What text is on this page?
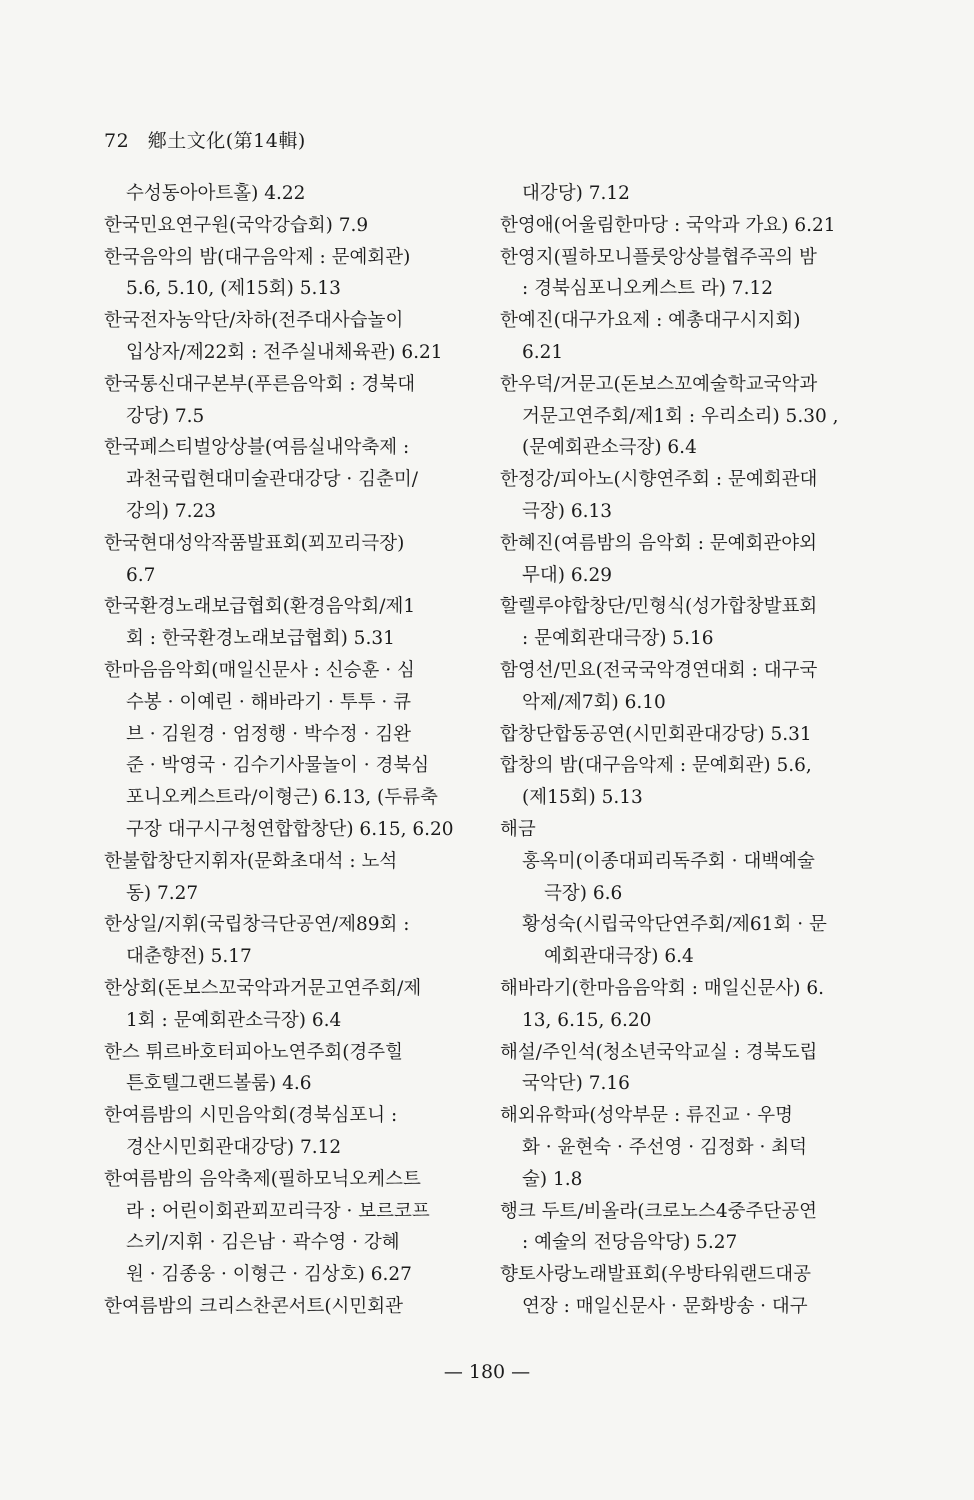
72 鄕土文化(第14輯)
수성동아아트홀) 4.22
한국민요연구원(국악강습회) 7.9
한국음악의 밤(대구음악제 : 문예회관)
5.6, 5.10, (제15회) 5.13
한국전자농악단/차하(전주대사습놀이
입상자/제22회 : 전주실내체육관) 6.21
한국통신대구본부(푸른음악회 : 경북대
강당) 7.5
한국페스티벌앙상블(여름실내악축제 :
과천국립현대미술관대강당 · 김춘미/
강의) 7.23
한국현대성악작품발표회(꾀꼬리극장)
6.7
한국환경노래보급협회(환경음악회/제1
회 : 한국환경노래보급협회) 5.31
한마음음악회(매일신문사 : 신승훈 · 심
수봉 · 이예린 · 해바라기 · 투투 · 큐
브 · 김원경 · 엄정행 · 박수정 · 김완
준 · 박영국 · 김수기사물놀이 · 경북심
포니오케스트라/이형근) 6.13, (두류축
구장 대구시구청연합합창단) 6.15, 6.20
한불합창단지휘자(문화초대석 : 노석
동) 7.27
한상일/지휘(국립창극단공연/제89회 :
대춘향전) 5.17
한상회(돈보스꼬국악과거문고연주회/제
1회 : 문예회관소극장) 6.4
한스 튀르바호터피아노연주회(경주힐
튼호텔그랜드볼룸) 4.6
한여름밤의 시민음악회(경북심포니 :
경산시민회관대강당) 7.12
한여름밤의 음악축제(필하모닉오케스트
라 : 어린이회관꾀꼬리극장 · 보르코프
스키/지휘 · 김은남 · 곽수영 · 강혜
원 · 김종웅 · 이형근 · 김상호) 6.27
한여름밤의 크리스찬콘서트(시민회관
대강당) 7.12
한영애(어울림한마당 : 국악과 가요) 6.21
한영지(필하모니플룻앙상블협주곡의 밤
: 경북심포니오케스트 라) 7.12
한예진(대구가요제 : 예총대구시지회)
6.21
한우덕/거문고(돈보스꼬예술학교국악과
거문고연주회/제1회 : 우리소리) 5.30 ,
(문예회관소극장) 6.4
한정강/피아노(시향연주회 : 문예회관대
극장) 6.13
한혜진(여름밤의 음악회 : 문예회관야외
무대) 6.29
할렐루야합창단/민형식(성가합창발표회
: 문예회관대극장) 5.16
함영선/민요(전국국악경연대회 : 대구국
악제/제7회) 6.10
합창단합동공연(시민회관대강당) 5.31
합창의 밤(대구음악제 : 문예회관) 5.6,
(제15회) 5.13
해금
홍옥미(이종대피리독주회 · 대백예술
극장) 6.6
황성숙(시립국악단연주회/제61회 · 문
예회관대극장) 6.4
해바라기(한마음음악회 : 매일신문사) 6.
13, 6.15, 6.20
해설/주인석(청소년국악교실 : 경북도립
국악단) 7.16
해외유학파(성악부문 : 류진교 · 우명
화 · 윤현숙 · 주선영 · 김정화 · 최덕
술) 1.8
행크 두트/비올라(크로노스4중주단공연
: 예술의 전당음악당) 5.27
향토사랑노래발표회(우방타워랜드대공
연장 : 매일신문사 · 문화방송 · 대구
— 180 —
